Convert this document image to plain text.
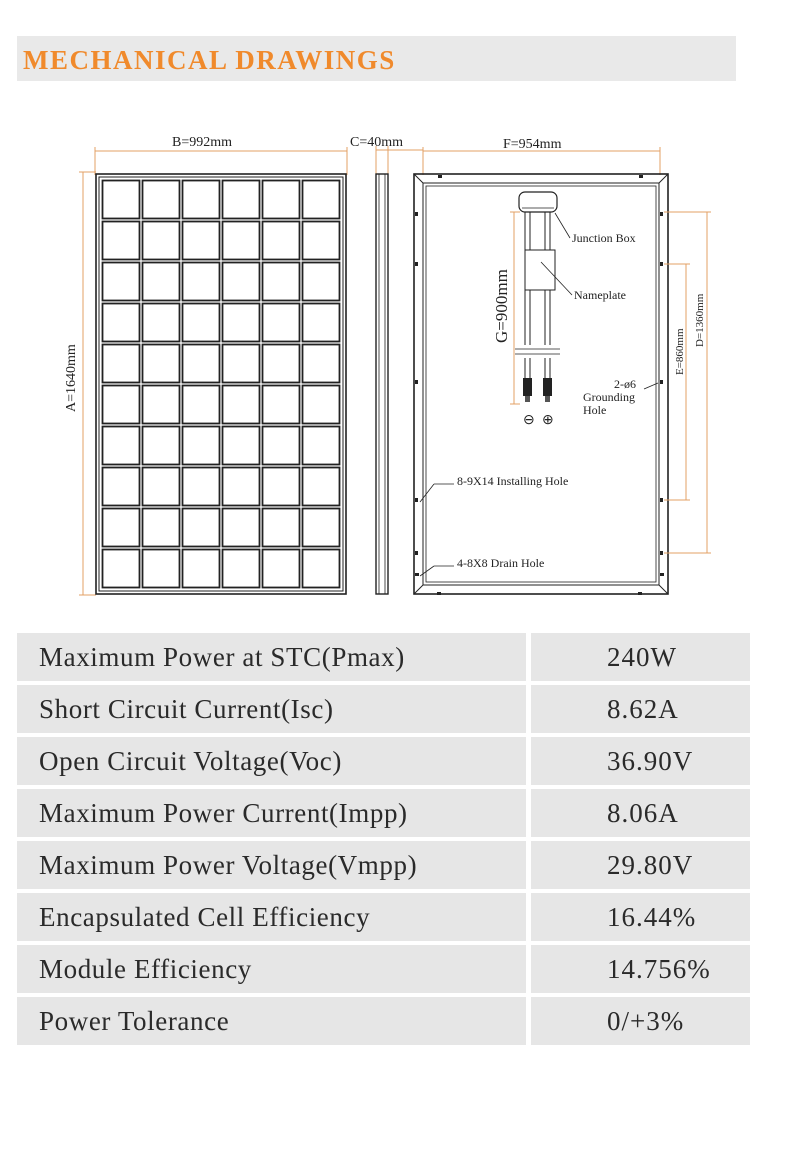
MECHANICAL DRAWINGS
B=992mm
A=1640mm
C=40mm	F=954mm
⊖ ⊕
G=900mm
Junction Box
Nameplate
2-ø6
Grounding
Hole
8-9X14 Installing Hole
4-8X8 Drain Hole
E=860mm
D=1360mm
Maximum Power at STC(Pmax)	240W
Short Circuit Current(Isc)	8.62A
Open Circuit Voltage(Voc)	36.90V
Maximum Power Current(Impp)	8.06A
Maximum Power Voltage(Vmpp)	29.80V
Encapsulated Cell Efficiency	16.44%
Module Efficiency	14.756%
Power Tolerance	0/+3%
